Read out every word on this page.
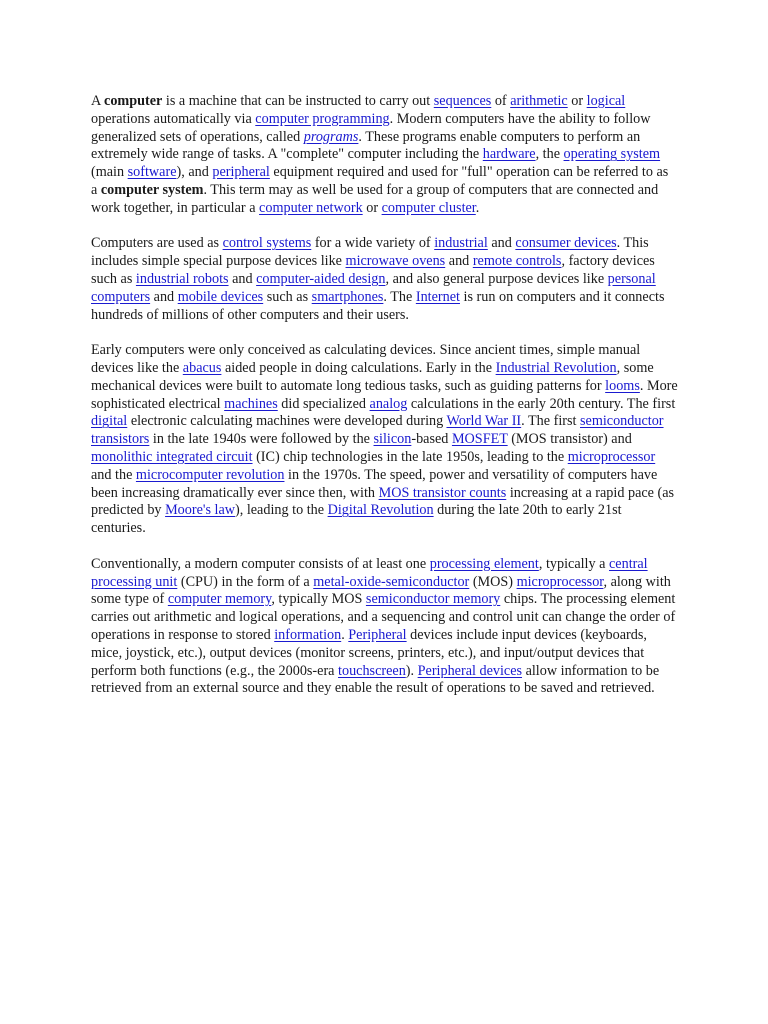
A computer is a machine that can be instructed to carry out sequences of arithmetic or logical operations automatically via computer programming. Modern computers have the ability to follow generalized sets of operations, called programs. These programs enable computers to perform an extremely wide range of tasks. A "complete" computer including the hardware, the operating system (main software), and peripheral equipment required and used for "full" operation can be referred to as a computer system. This term may as well be used for a group of computers that are connected and work together, in particular a computer network or computer cluster.

Computers are used as control systems for a wide variety of industrial and consumer devices. This includes simple special purpose devices like microwave ovens and remote controls, factory devices such as industrial robots and computer-aided design, and also general purpose devices like personal computers and mobile devices such as smartphones. The Internet is run on computers and it connects hundreds of millions of other computers and their users.

Early computers were only conceived as calculating devices. Since ancient times, simple manual devices like the abacus aided people in doing calculations. Early in the Industrial Revolution, some mechanical devices were built to automate long tedious tasks, such as guiding patterns for looms. More sophisticated electrical machines did specialized analog calculations in the early 20th century. The first digital electronic calculating machines were developed during World War II. The first semiconductor transistors in the late 1940s were followed by the silicon-based MOSFET (MOS transistor) and monolithic integrated circuit (IC) chip technologies in the late 1950s, leading to the microprocessor and the microcomputer revolution in the 1970s. The speed, power and versatility of computers have been increasing dramatically ever since then, with MOS transistor counts increasing at a rapid pace (as predicted by Moore's law), leading to the Digital Revolution during the late 20th to early 21st centuries.

Conventionally, a modern computer consists of at least one processing element, typically a central processing unit (CPU) in the form of a metal-oxide-semiconductor (MOS) microprocessor, along with some type of computer memory, typically MOS semiconductor memory chips. The processing element carries out arithmetic and logical operations, and a sequencing and control unit can change the order of operations in response to stored information. Peripheral devices include input devices (keyboards, mice, joystick, etc.), output devices (monitor screens, printers, etc.), and input/output devices that perform both functions (e.g., the 2000s-era touchscreen). Peripheral devices allow information to be retrieved from an external source and they enable the result of operations to be saved and retrieved.
